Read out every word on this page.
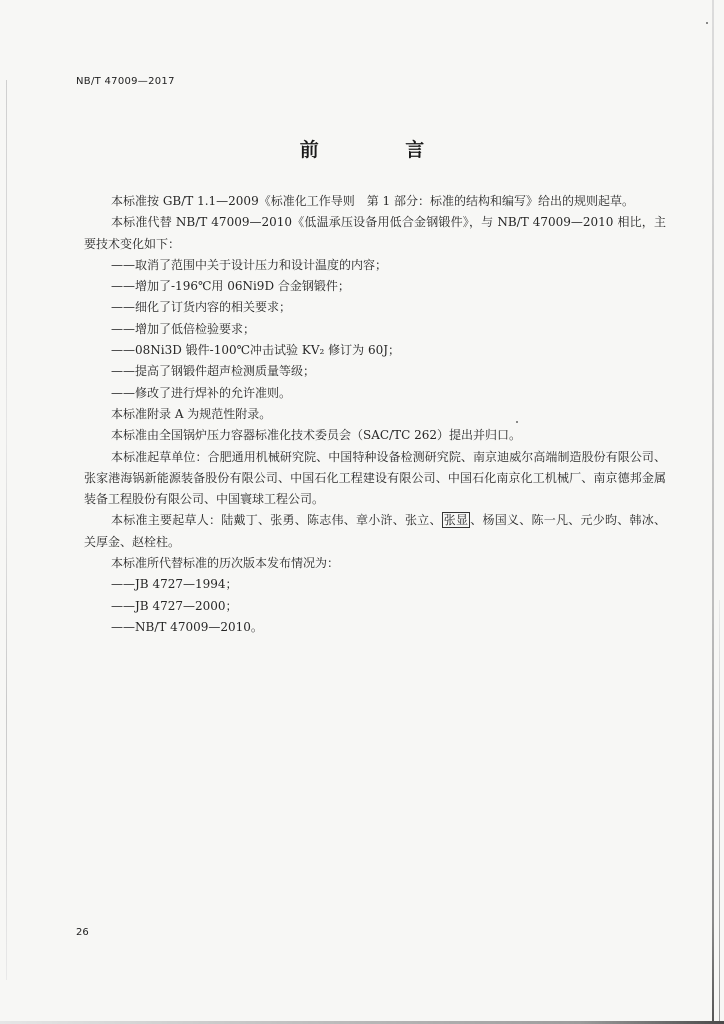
NB/T 47009—2017
前 言

本标准按 GB/T 1.1—2009《标准化工作导则　第 1 部分：标准的结构和编写》给出的规则起草。

本标准代替 NB/T 47009—2010《低温承压设备用低合金钢锻件》，与 NB/T 47009—2010 相比，主要技术变化如下：

——取消了范围中关于设计压力和设计温度的内容；

——增加了-196℃用 06Ni9D 合金钢锻件；

——细化了订货内容的相关要求；

——增加了低倍检验要求；

——08Ni3D 锻件-100℃冲击试验 KV₂ 修订为 60J；

——提高了钢锻件超声检测质量等级；

——修改了进行焊补的允许准则。

本标准附录 A 为规范性附录。

本标准由全国锅炉压力容器标准化技术委员会（SAC/TC 262）提出并归口。

本标准起草单位：合肥通用机械研究院、中国特种设备检测研究院、南京迪威尔高端制造股份有限公司、张家港海锅新能源装备股份有限公司、中国石化工程建设有限公司、中国石化南京化工机械厂、南京德邦金属装备工程股份有限公司、中国寰球工程公司。

本标准主要起草人：陆戴丁、张勇、陈志伟、章小浒、张立、 张显 、杨国义、陈一凡、元少昀、韩冰、关厚金、赵栓柱。

本标准所代替标准的历次版本发布情况为：

——JB 4727—1994；

——JB 4727—2000；

——NB/T 47009—2010。

26
